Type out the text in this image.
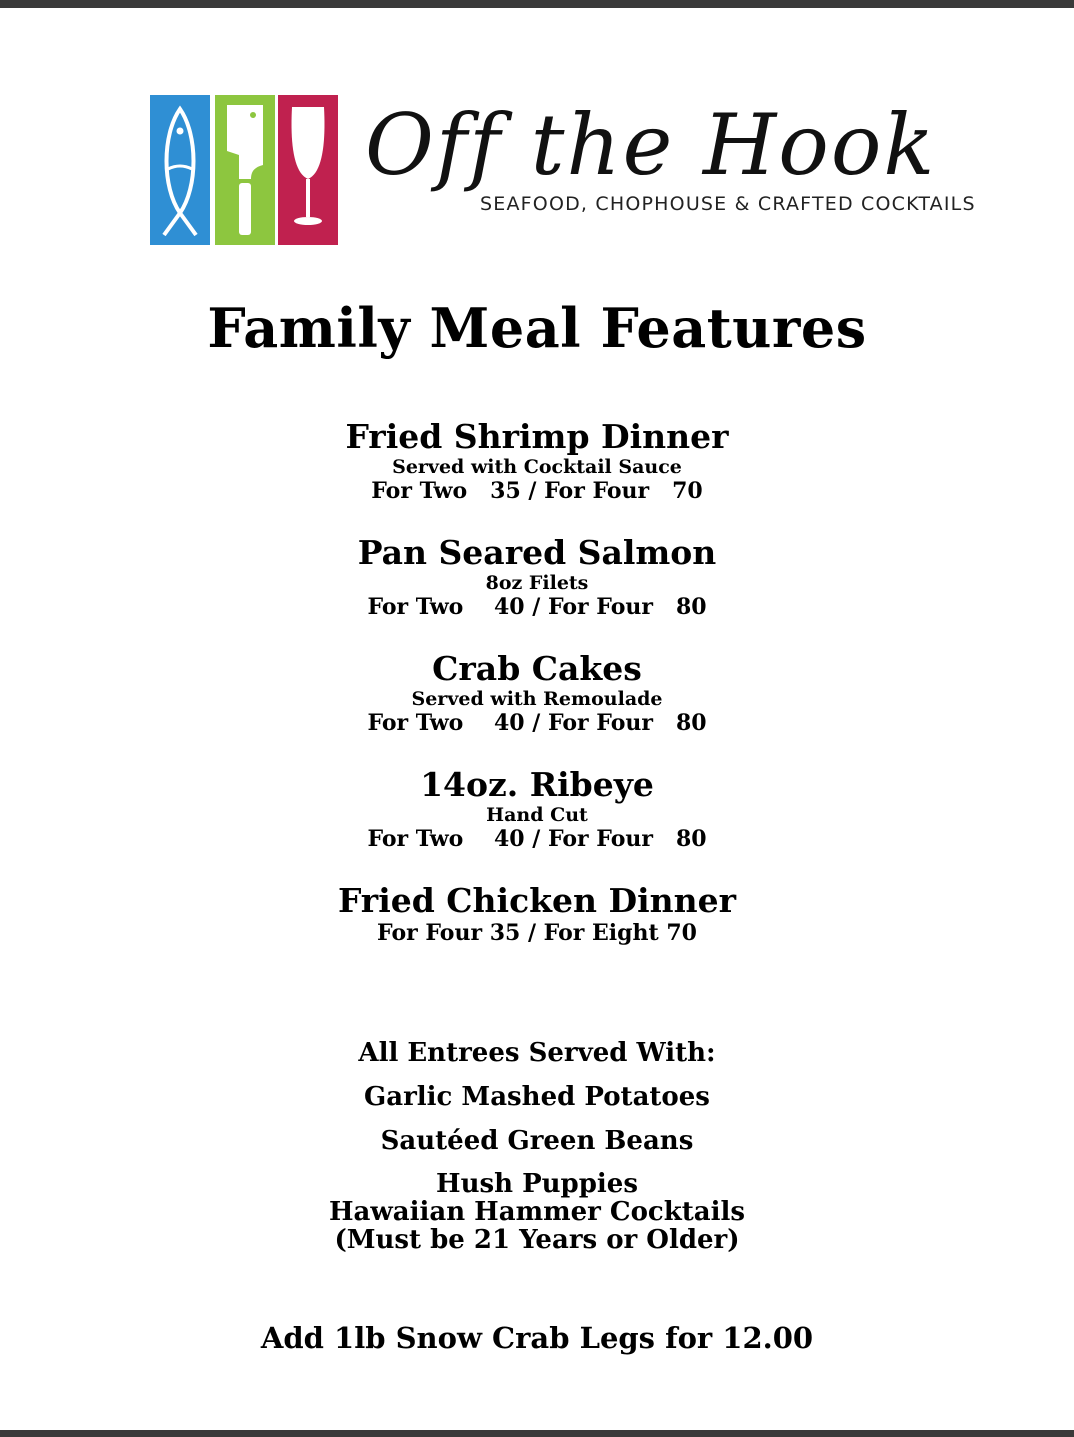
Off the Hook
SEAFOOD, CHOPHOUSE & CRAFTED COCKTAILS
Family Meal Features
Fried Shrimp Dinner
Served with Cocktail Sauce
For Two   35 / For Four   70
Pan Seared Salmon
8oz Filets
For Two    40 / For Four   80
Crab Cakes
Served with Remoulade
For Two    40 / For Four   80
14oz. Ribeye
Hand Cut
For Two    40 / For Four   80
Fried Chicken Dinner
For Four 35 / For Eight 70
All Entrees Served With:
Garlic Mashed Potatoes
Sautéed Green Beans
Hush Puppies
Hawaiian Hammer Cocktails
(Must be 21 Years or Older)
Add 1lb Snow Crab Legs for 12.00
